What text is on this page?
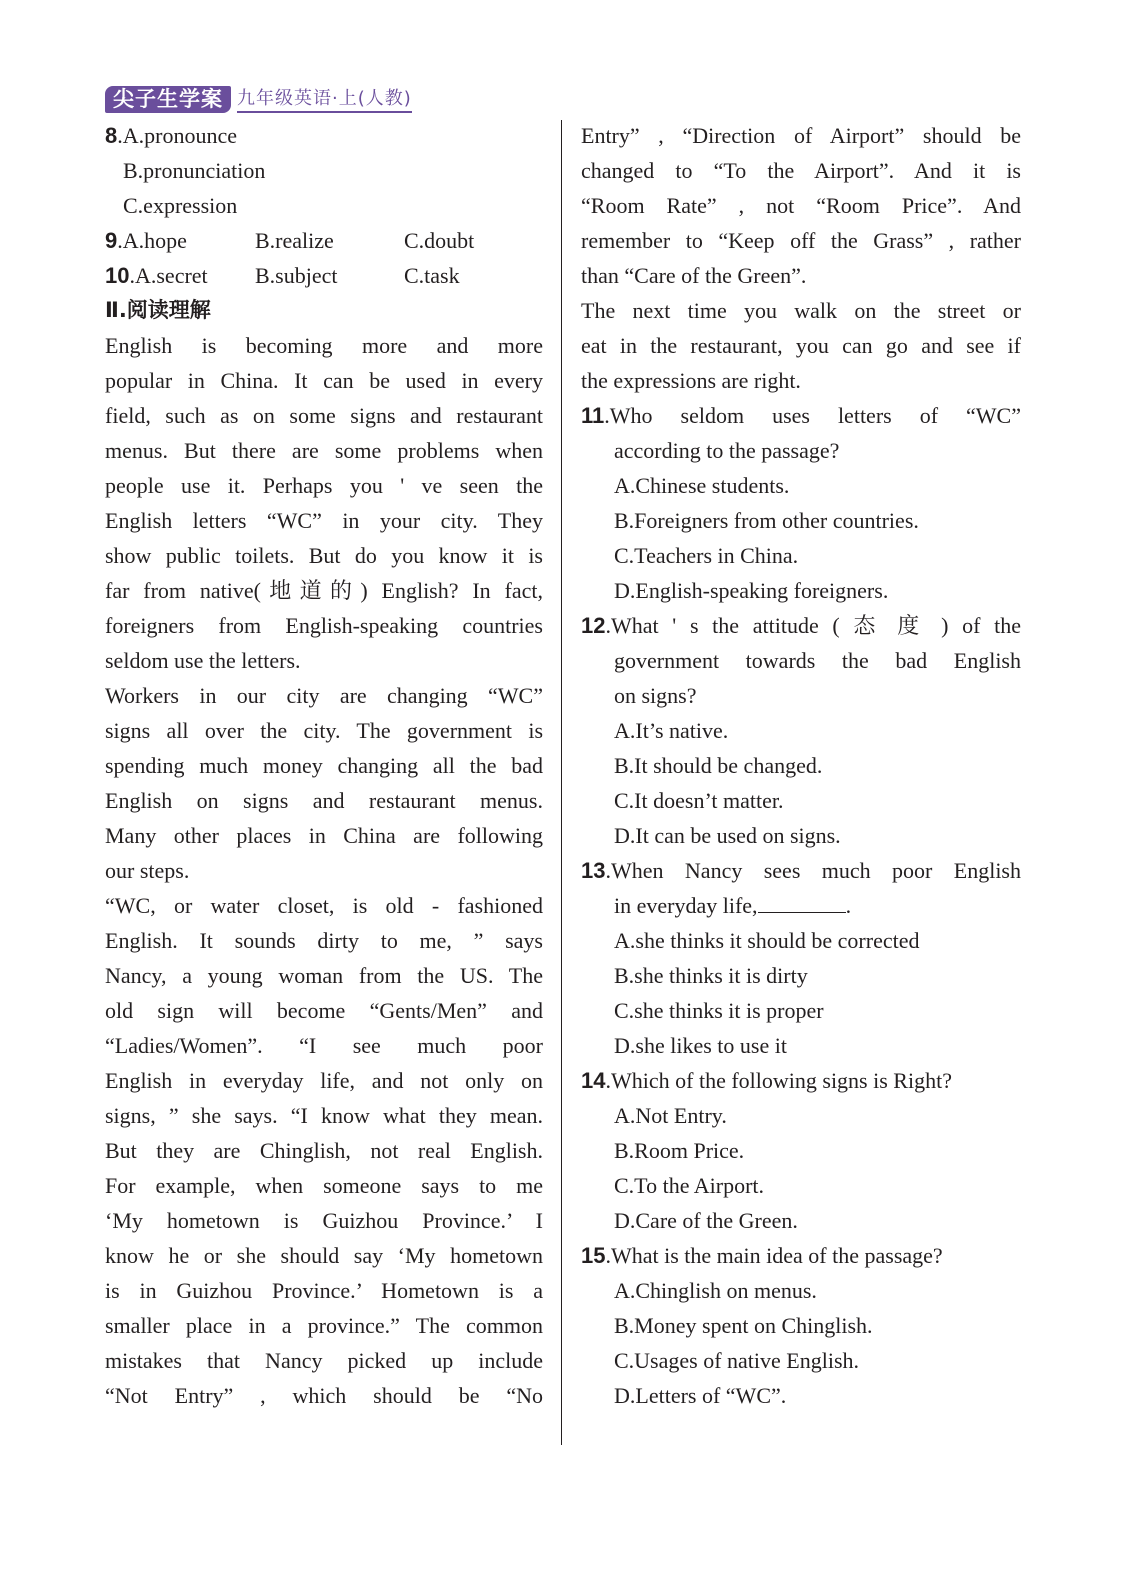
尖子生学案 九年级英语·上(人教)
8.A.pronounce
B.pronunciation
C.expression
9.A.hope	B.realize	C.doubt
10.A.secret	B.subject	C.task
Ⅱ.阅读理解
English is becoming more and more
popular in China. It can be used in every
field, such as on some signs and restaurant
menus. But there are some problems when
people use it. Perhaps you ' ve seen the
English letters “WC” in your city. They
show public toilets. But do you know it is
far from native(地道的) English? In fact,
foreigners from English-speaking countries
seldom use the letters.
Workers in our city are changing “WC”
signs all over the city. The government is
spending much money changing all the bad
English on signs and restaurant menus.
Many other places in China are following
our steps.
“WC, or water closet, is old - fashioned
English. It sounds dirty to me, ” says
Nancy, a young woman from the US. The
old sign will become “Gents/Men” and
“Ladies/Women”. “I see much poor
English in everyday life, and not only on
signs, ” she says. “I know what they mean.
But they are Chinglish, not real English.
For example, when someone says to me
‘My hometown is Guizhou Province.’ I
know he or she should say ‘My hometown
is in Guizhou Province.’ Hometown is a
smaller place in a province.” The common
mistakes that Nancy picked up include
“Not Entry” , which should be “No
Entry” , “Direction of Airport” should be
changed to “To the Airport”. And it is
“Room Rate” , not “Room Price”. And
remember to “Keep off the Grass” , rather
than “Care of the Green”.
The next time you walk on the street or
eat in the restaurant, you can go and see if
the expressions are right.
11.Who seldom uses letters of “WC”
according to the passage?
A.Chinese students.
B.Foreigners from other countries.
C.Teachers in China.
D.English-speaking foreigners.
12.What ' s the attitude ( 态 度 ) of the
government towards the bad English
on signs?
A.It’s native.
B.It should be changed.
C.It doesn’t matter.
D.It can be used on signs.
13.When Nancy sees much poor English
in everyday life,	.
A.she thinks it should be corrected
B.she thinks it is dirty
C.she thinks it is proper
D.she likes to use it
14.Which of the following signs is Right?
A.Not Entry.
B.Room Price.
C.To the Airport.
D.Care of the Green.
15.What is the main idea of the passage?
A.Chinglish on menus.
B.Money spent on Chinglish.
C.Usages of native English.
D.Letters of “WC”.
